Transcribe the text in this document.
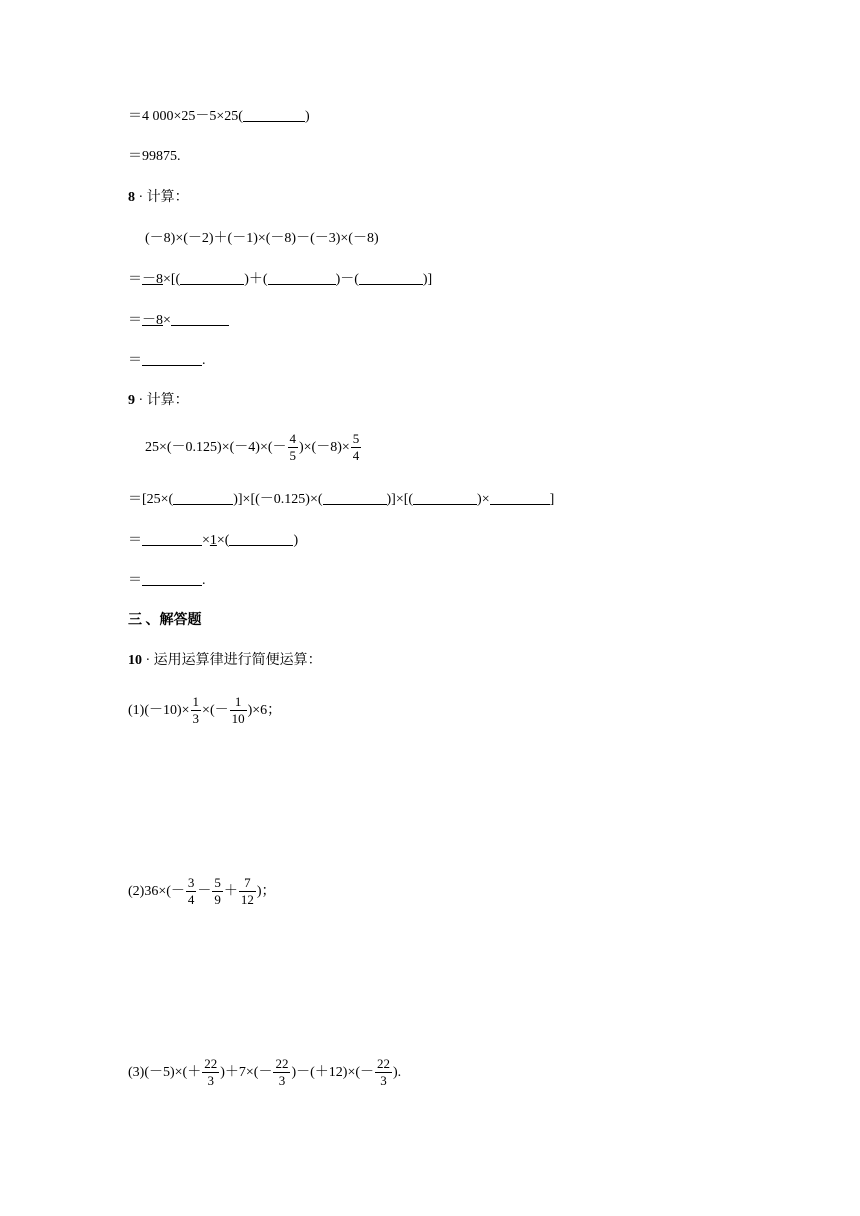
＝4 000×25－5×25(	)
＝99875.
8 · 计算：
(－8)×(－2)＋(－1)×(－8)－(－3)×(－8)
＝－8×[(	)＋(	)－(	)]
＝－8×
＝	.
9 · 计算：
$25\times(-0.125)\times(-4)\times(- \frac{4}{5} )\times(-8)\times \frac{5}{4}$
＝[25×(	)]×[(－0.125)×(	)]×[(	)×	]
＝	×1×(	)
＝	.
三 、解答题
10 · 运用运算律进行简便运算：
$(1)(-10)\times \frac{1}{3}$ ×(－ $\frac{1}{10} )\times 6$；
$(2)36\times(- \frac{3}{4} - \frac{5}{9} + \frac{7}{12}$ )；
$(3)(-5)\times(+ \frac{22}{3} )+7\times(- \frac{22}{3} )-(+12)\times(- \frac{22}{3}$ ).
